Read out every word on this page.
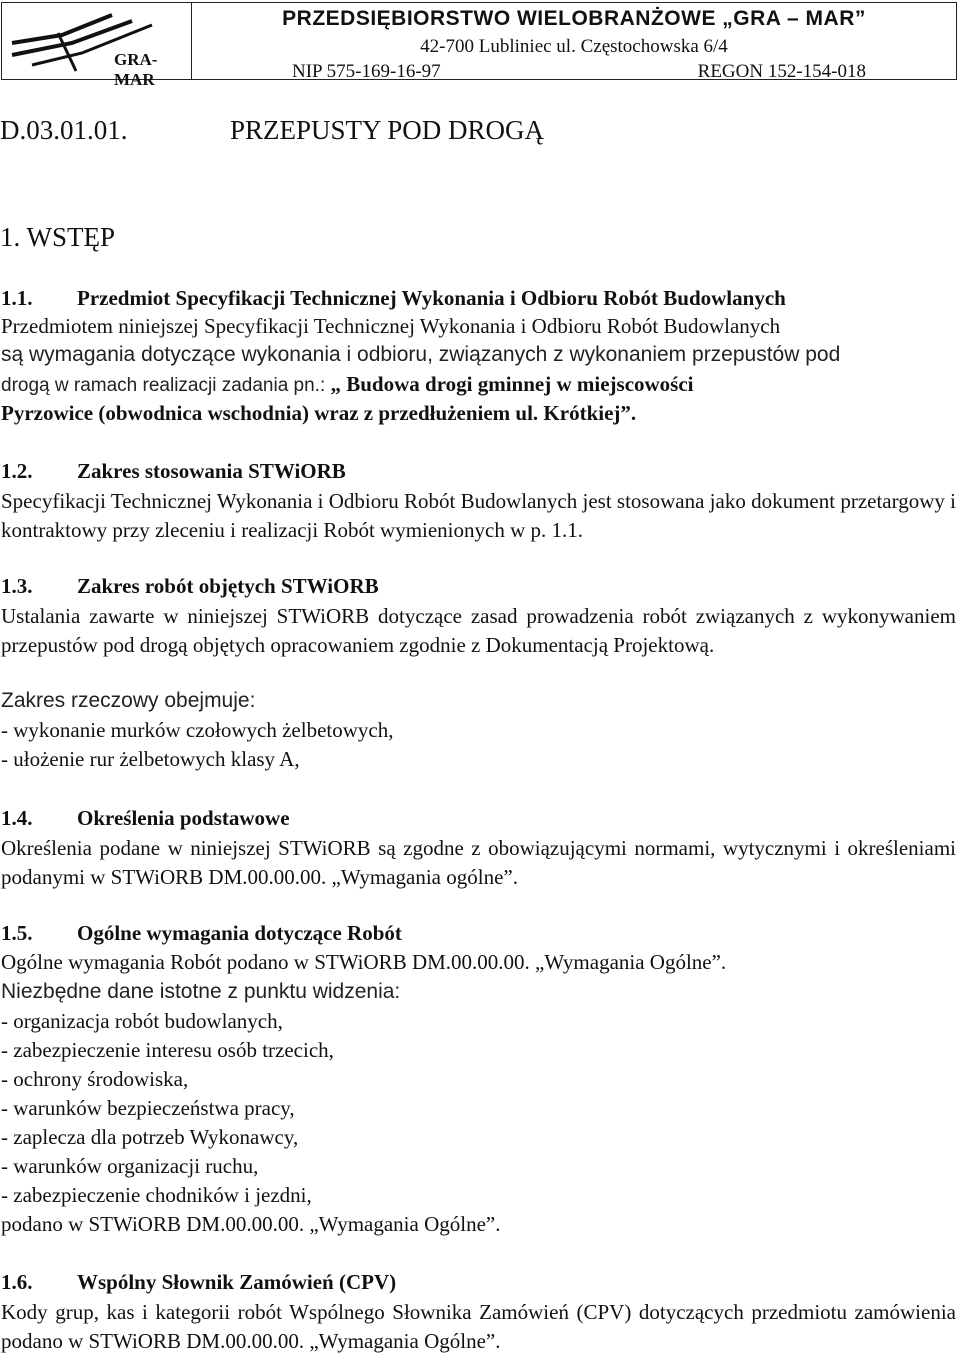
GRA-MAR
PRZEDSIĘBIORSTWO WIELOBRANŻOWE „GRA – MAR”
42-700 Lubliniec ul. Częstochowska 6/4
NIP 575-169-16-97	REGON 152-154-018
D.03.01.01.	PRZEPUSTY POD DROGĄ
1. WSTĘP
1.1. Przedmiot Specyfikacji Technicznej Wykonania i Odbioru Robót Budowlanych
Przedmiotem niniejszej Specyfikacji Technicznej Wykonania i Odbioru Robót Budowlanych
są wymagania dotyczące wykonania i odbioru, związanych z wykonaniem przepustów pod
drogą w ramach realizacji zadania pn.: „ Budowa drogi gminnej w miejscowości
Pyrzowice (obwodnica wschodnia) wraz z przedłużeniem ul. Krótkiej”.
1.2. Zakres stosowania STWiORB
Specyfikacji Technicznej Wykonania i Odbioru Robót Budowlanych jest stosowana jako dokument przetargowy i kontraktowy przy zleceniu i realizacji Robót wymienionych w p. 1.1.
1.3. Zakres robót objętych STWiORB
Ustalania zawarte w niniejszej STWiORB dotyczące zasad prowadzenia robót związanych z wykonywaniem przepustów pod drogą objętych opracowaniem zgodnie z Dokumentacją Projektową.
Zakres rzeczowy obejmuje:
- wykonanie murków czołowych żelbetowych,
- ułożenie rur żelbetowych klasy A,
1.4. Określenia podstawowe
Określenia podane w niniejszej STWiORB są zgodne z obowiązującymi normami, wytycznymi i określeniami podanymi w STWiORB DM.00.00.00. „Wymagania ogólne”.
1.5. Ogólne wymagania dotyczące Robót
Ogólne wymagania Robót podano w STWiORB DM.00.00.00. „Wymagania Ogólne”.
Niezbędne dane istotne z punktu widzenia:
- organizacja robót budowlanych,
- zabezpieczenie interesu osób trzecich,
- ochrony środowiska,
- warunków bezpieczeństwa pracy,
- zaplecza dla potrzeb Wykonawcy,
- warunków organizacji ruchu,
- zabezpieczenie chodników i jezdni,
podano w STWiORB DM.00.00.00. „Wymagania Ogólne”.
1.6. Wspólny Słownik Zamówień (CPV)
Kody grup, kas i kategorii robót Wspólnego Słownika Zamówień (CPV) dotyczących przedmiotu zamówienia podano w STWiORB DM.00.00.00. „Wymagania Ogólne”.
